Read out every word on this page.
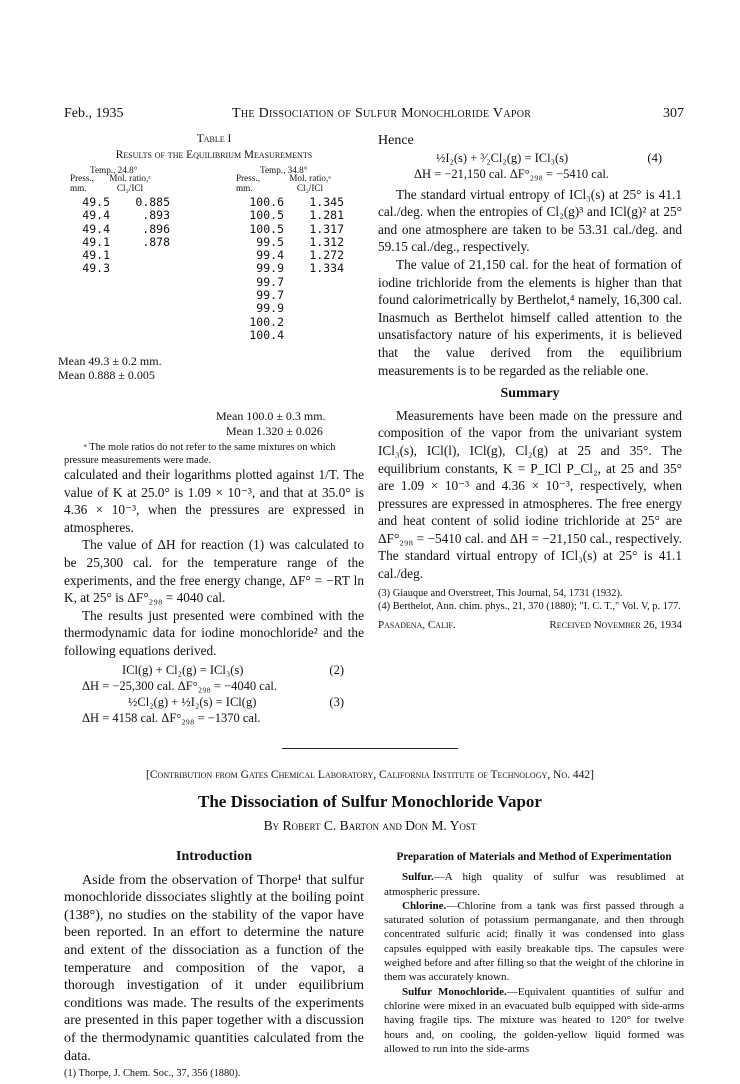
Feb., 1935	The Dissociation of Sulfur Monochloride Vapor	307
Table I
Results of the Equilibrium Measurements
Temp., 24.8°	Temp., 34.8°
Press., mm.
Mol. ratio,ᵃ Cl₂/ICl
Press., mm.
Mol. ratio,ᵃ Cl₂/ICl
49.5	0.885
49.4	.893
49.4	.896
49.1	.878
49.1	
49.3	
100.6	1.345
100.5	1.281
100.5	1.317
99.5	1.312
99.4	1.272
99.9	1.334
99.7	
99.7	
99.9	
100.2	
100.4	
Mean 49.3 ± 0.2 mm.
Mean 0.888 ± 0.005
Mean 100.0 ± 0.3 mm.
Mean 1.320 ± 0.026
ᵃ The mole ratios do not refer to the same mixtures on which pressure measurements were made.

calculated and their logarithms plotted against 1/T. The value of K at 25.0° is 1.09 × 10⁻³, and that at 35.0° is 4.36 × 10⁻³, when the pressures are expressed in atmospheres.

The value of ΔH for reaction (1) was calculated to be 25,300 cal. for the temperature range of the experiments, and the free energy change, ΔF° = −RT ln K, at 25° is ΔF°₂₉₈ = 4040 cal.

The results just presented were combined with the thermodynamic data for iodine monochloride² and the following equations derived.

ICl(g) + Cl₂(g) = ICl₃(s)	(2)
ΔH = −25,300 cal. ΔF°₂₉₈ = −4040 cal.
½Cl₂(g) + ½I₂(s) = ICl(g)	(3)
ΔH = 4158 cal. ΔF°₂₉₈ = −1370 cal.

Hence

½I₂(s) + ³⁄₂Cl₂(g) = ICl₃(s)	(4)
ΔH = −21,150 cal. ΔF°₂₉₈ = −5410 cal.

The standard virtual entropy of ICl₃(s) at 25° is 41.1 cal./deg. when the entropies of Cl₂(g)³ and ICl(g)² at 25° and one atmosphere are taken to be 53.31 cal./deg. and 59.15 cal./deg., respectively.

The value of 21,150 cal. for the heat of formation of iodine trichloride from the elements is higher than that found calorimetrically by Berthelot,⁴ namely, 16,300 cal. Inasmuch as Berthelot himself called attention to the unsatisfactory nature of his experiments, it is believed that the value derived from the equilibrium measurements is to be regarded as the reliable one.

Summary

Measurements have been made on the pressure and composition of the vapor from the univariant system ICl₃(s), ICl(l), ICl(g), Cl₂(g) at 25 and 35°. The equilibrium constants, K = P_ICl P_Cl₂, at 25 and 35° are 1.09 × 10⁻³ and 4.36 × 10⁻³, respectively, when pressures are expressed in atmospheres. The free energy and heat content of solid iodine trichloride at 25° are ΔF°₂₉₈ = −5410 cal. and ΔH = −21,150 cal., respectively. The standard virtual entropy of ICl₃(s) at 25° is 41.1 cal./deg.

(3) Giauque and Overstreet, This Journal, 54, 1731 (1932).
(4) Berthelot, Ann. chim. phys., 21, 370 (1880); "I. C. T.," Vol. V, p. 177.
Pasadena, Calif.	Received November 26, 1934
[Contribution from Gates Chemical Laboratory, California Institute of Technology, No. 442]
The Dissociation of Sulfur Monochloride Vapor
By Robert C. Barton and Don M. Yost
Introduction

Aside from the observation of Thorpe¹ that sulfur monochloride dissociates slightly at the boiling point (138°), no studies on the stability of the vapor have been reported. In an effort to determine the nature and extent of the dissociation as a function of the temperature and composition of the vapor, a thorough investigation of it under equilibrium conditions was made. The results of the experiments are presented in this paper together with a discussion of the thermodynamic quantities calculated from the data.

(1) Thorpe, J. Chem. Soc., 37, 356 (1880).
Preparation of Materials and Method of Experimentation

Sulfur.—A high quality of sulfur was resublimed at atmospheric pressure.

Chlorine.—Chlorine from a tank was first passed through a saturated solution of potassium permanganate, and then through concentrated sulfuric acid; finally it was condensed into glass capsules equipped with easily breakable tips. The capsules were weighed before and after filling so that the weight of the chlorine in them was accurately known.

Sulfur Monochloride.—Equivalent quantities of sulfur and chlorine were mixed in an evacuated bulb equipped with side-arms having fragile tips. The mixture was heated to 120° for twelve hours and, on cooling, the golden-yellow liquid formed was allowed to run into the side-arms
